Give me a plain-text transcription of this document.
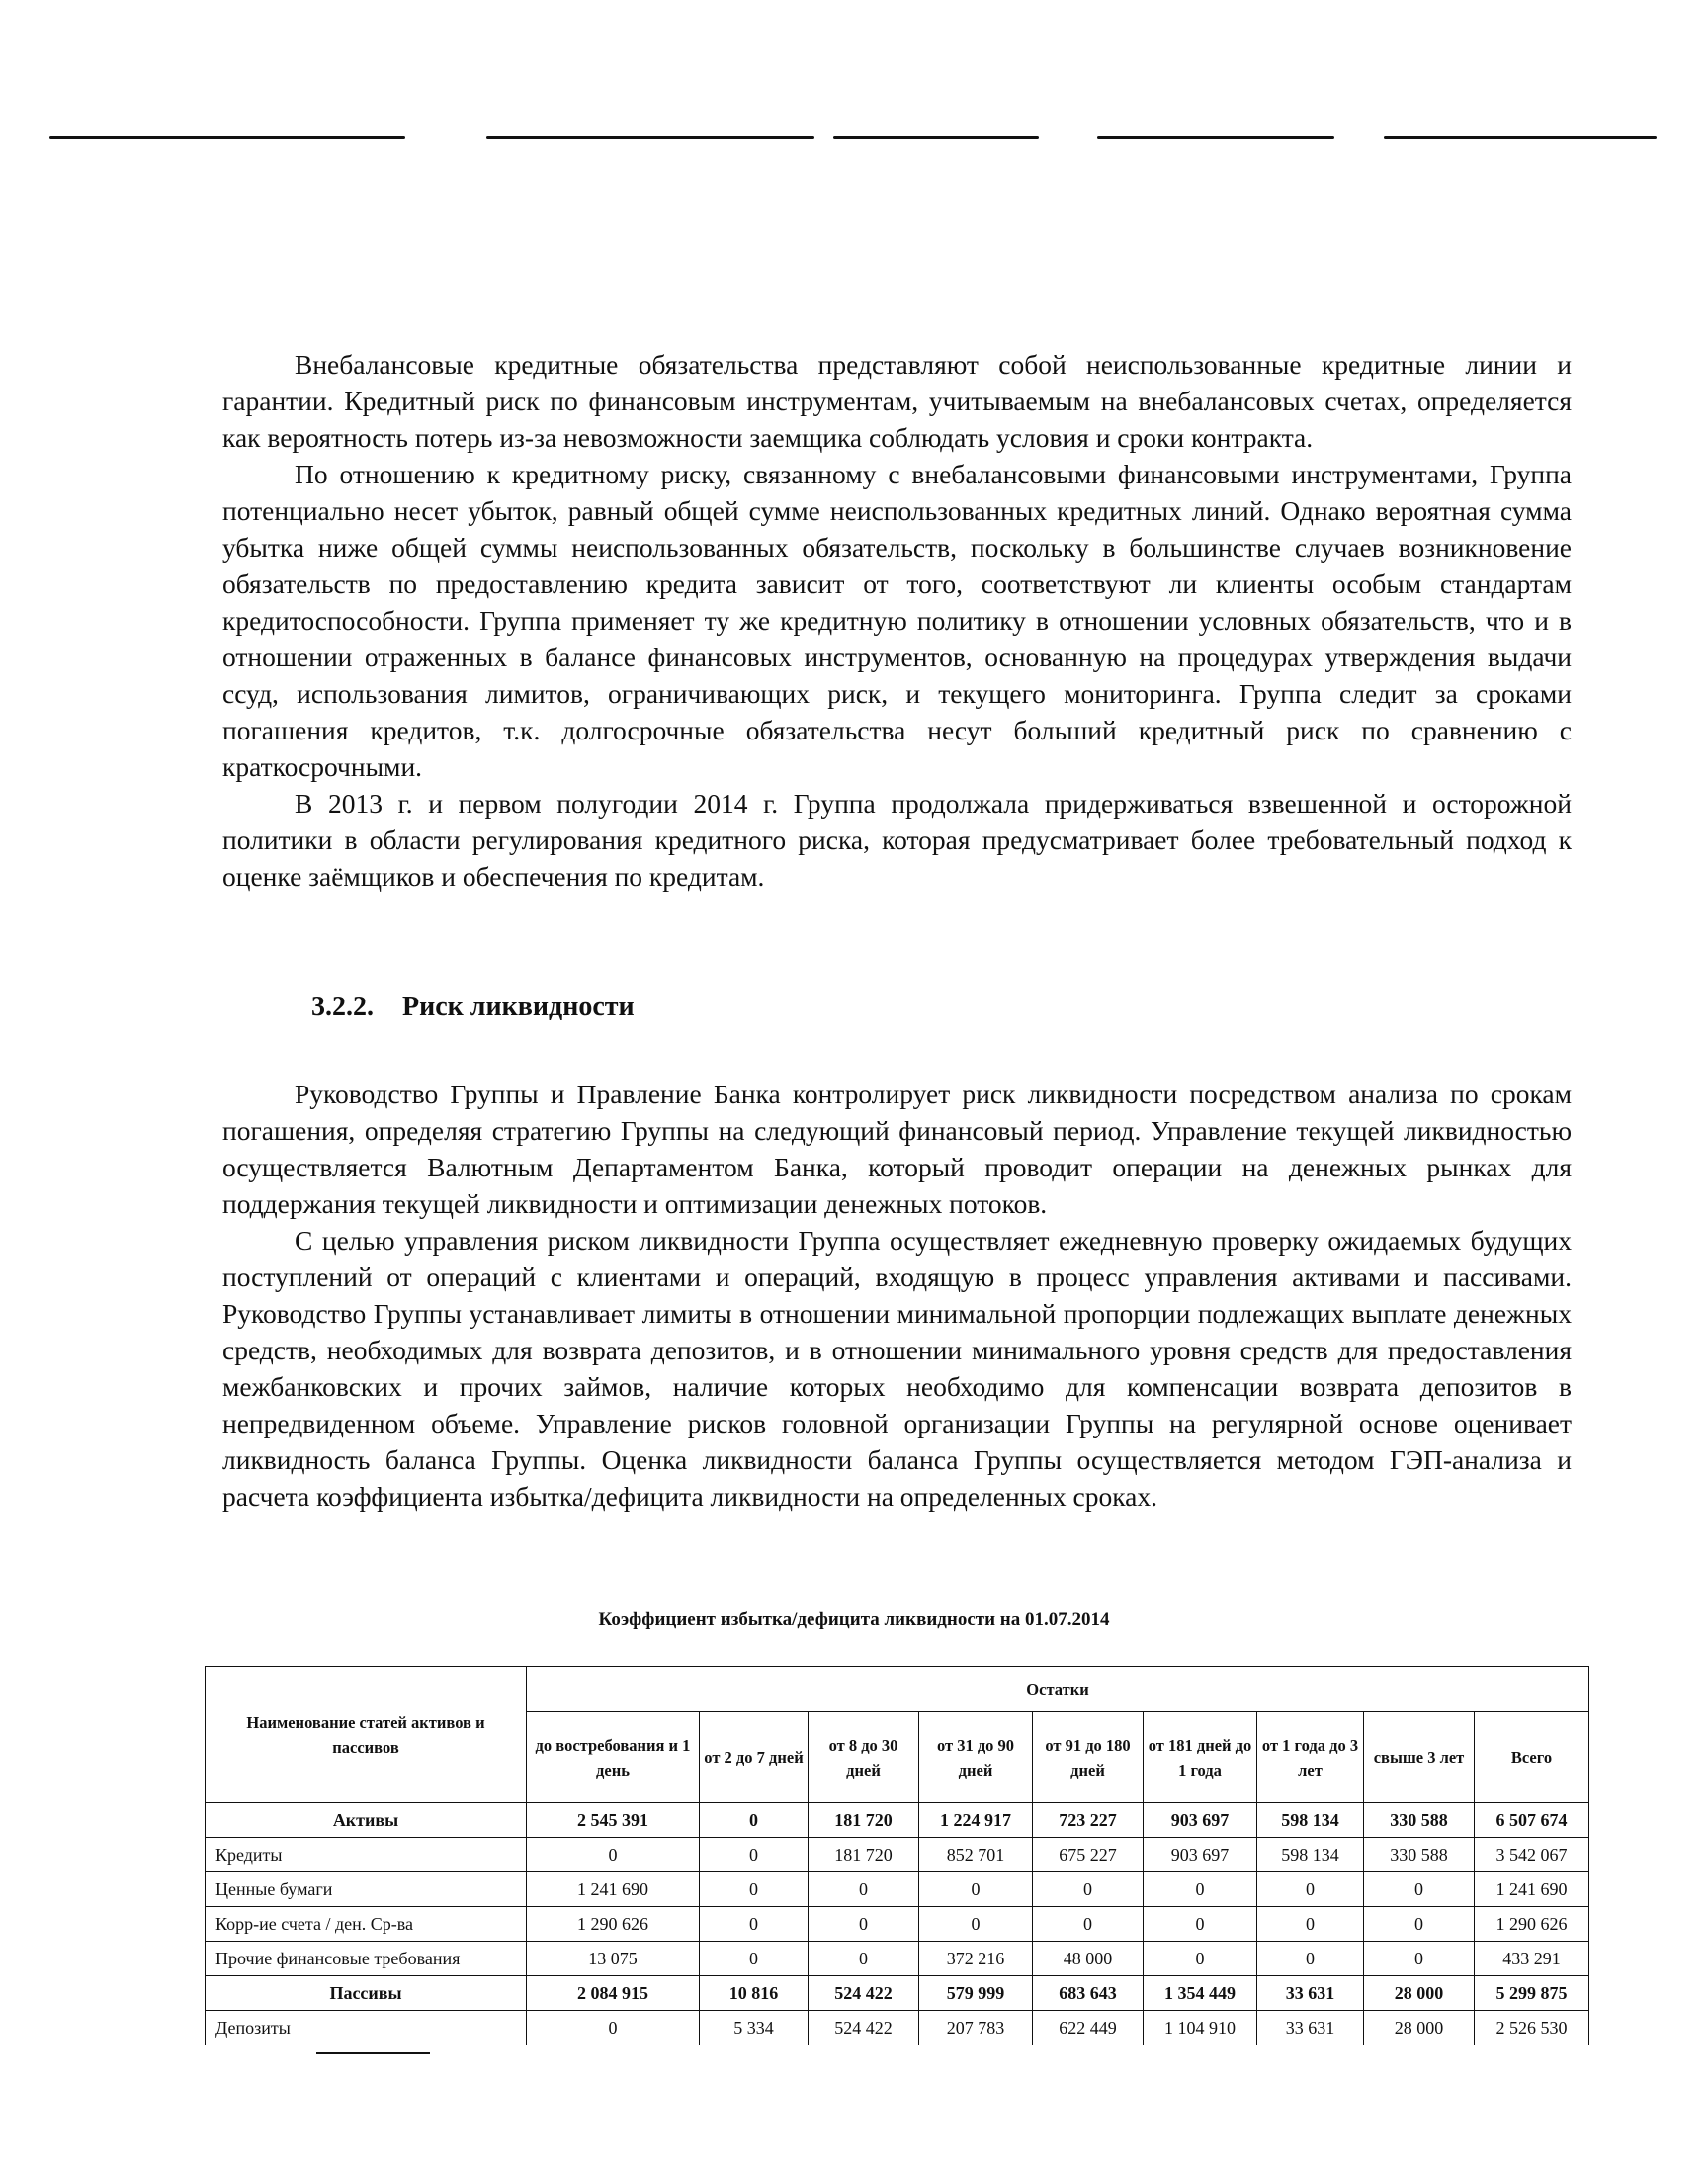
Внебалансовые кредитные обязательства представляют собой неиспользованные кредитные линии и гарантии. Кредитный риск по финансовым инструментам, учитываемым на внебалансовых счетах, определяется как вероятность потерь из-за невозможности заемщика соблюдать условия и сроки контракта.

По отношению к кредитному риску, связанному с внебалансовыми финансовыми инструментами, Группа потенциально несет убыток, равный общей сумме неиспользованных кредитных линий. Однако вероятная сумма убытка ниже общей суммы неиспользованных обязательств, поскольку в большинстве случаев возникновение обязательств по предоставлению кредита зависит от того, соответствуют ли клиенты особым стандартам кредитоспособности. Группа применяет ту же кредитную политику в отношении условных обязательств, что и в отношении отраженных в балансе финансовых инструментов, основанную на процедурах утверждения выдачи ссуд, использования лимитов, ограничивающих риск, и текущего мониторинга. Группа следит за сроками погашения кредитов, т.к. долгосрочные обязательства несут больший кредитный риск по сравнению с краткосрочными.

В 2013 г. и первом полугодии 2014 г. Группа продолжала придерживаться взвешенной и осторожной политики в области регулирования кредитного риска, которая предусматривает более требовательный подход к оценке заёмщиков и обеспечения по кредитам.

3.2.2. Риск ликвидности

Руководство Группы и Правление Банка контролирует риск ликвидности посредством анализа по срокам погашения, определяя стратегию Группы на следующий финансовый период. Управление текущей ликвидностью осуществляется Валютным Департаментом Банка, который проводит операции на денежных рынках для поддержания текущей ликвидности и оптимизации денежных потоков.

С целью управления риском ликвидности Группа осуществляет ежедневную проверку ожидаемых будущих поступлений от операций с клиентами и операций, входящую в процесс управления активами и пассивами. Руководство Группы устанавливает лимиты в отношении минимальной пропорции подлежащих выплате денежных средств, необходимых для возврата депозитов, и в отношении минимального уровня средств для предоставления межбанковских и прочих займов, наличие которых необходимо для компенсации возврата депозитов в непредвиденном объеме. Управление рисков головной организации Группы на регулярной основе оценивает ликвидность баланса Группы. Оценка ликвидности баланса Группы осуществляется методом ГЭП-анализа и расчета коэффициента избытка/дефицита ликвидности на определенных сроках.

Коэффициент избытка/дефицита ликвидности на 01.07.2014
Наименование статей активов и пассивов	Остатки								
	до востребования и 1 день	от 2 до 7 дней	от 8 до 30 дней	от 31 до 90 дней	от 91 до 180 дней	от 181 дней до 1 года	от 1 года до 3 лет	свыше 3 лет	Всего
Активы	2 545 391	0	181 720	1 224 917	723 227	903 697	598 134	330 588	6 507 674
Кредиты	0	0	181 720	852 701	675 227	903 697	598 134	330 588	3 542 067
Ценные бумаги	1 241 690	0	0	0	0	0	0	0	1 241 690
Корр-ие счета / ден. Ср-ва	1 290 626	0	0	0	0	0	0	0	1 290 626
Прочие финансовые требования	13 075	0	0	372 216	48 000	0	0	0	433 291
Пассивы	2 084 915	10 816	524 422	579 999	683 643	1 354 449	33 631	28 000	5 299 875
Депозиты	0	5 334	524 422	207 783	622 449	1 104 910	33 631	28 000	2 526 530
